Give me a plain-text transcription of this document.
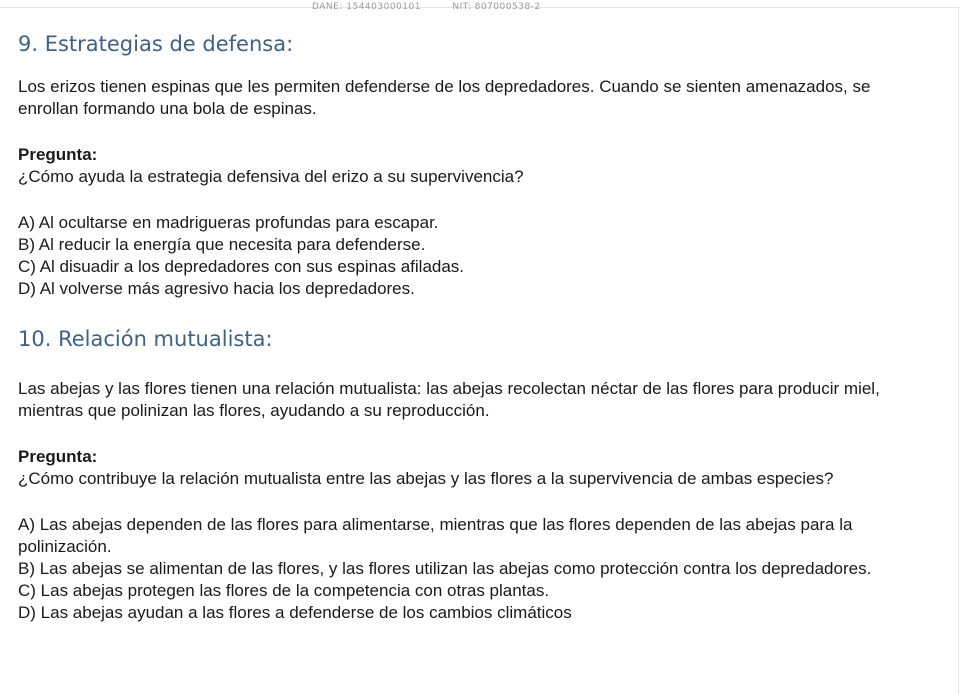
DANE: 154403000101	NIT: 807000538-2
9. Estrategias de defensa:

Los erizos tienen espinas que les permiten defenderse de los depredadores. Cuando se sienten amenazados, se enrollan formando una bola de espinas.

Pregunta:

¿Cómo ayuda la estrategia defensiva del erizo a su supervivencia?

A) Al ocultarse en madrigueras profundas para escapar.

B) Al reducir la energía que necesita para defenderse.

C) Al disuadir a los depredadores con sus espinas afiladas.

D) Al volverse más agresivo hacia los depredadores.

10. Relación mutualista:

Las abejas y las flores tienen una relación mutualista: las abejas recolectan néctar de las flores para producir miel, mientras que polinizan las flores, ayudando a su reproducción.

Pregunta:

¿Cómo contribuye la relación mutualista entre las abejas y las flores a la supervivencia de ambas especies?

A) Las abejas dependen de las flores para alimentarse, mientras que las flores dependen de las abejas para la polinización.

B) Las abejas se alimentan de las flores, y las flores utilizan las abejas como protección contra los depredadores.

C) Las abejas protegen las flores de la competencia con otras plantas.

D) Las abejas ayudan a las flores a defenderse de los cambios climáticos
